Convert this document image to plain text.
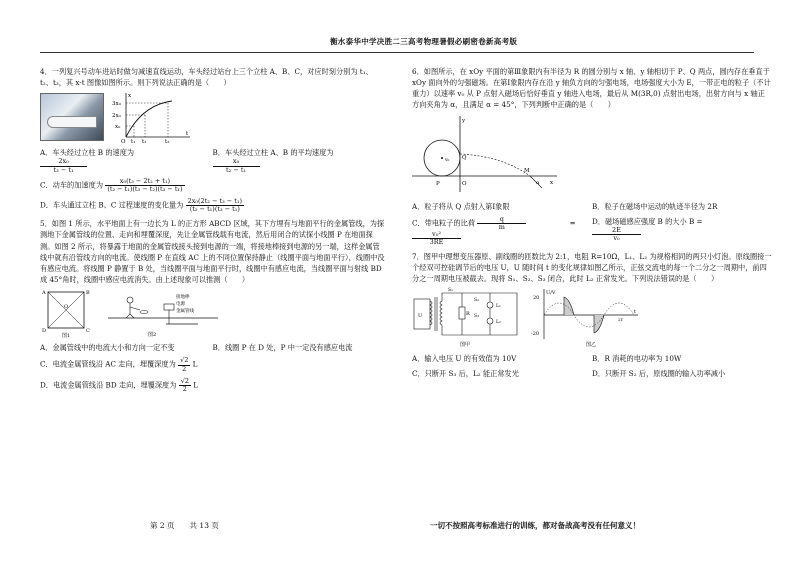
衡水泰华中学决胜二三高考物理暑假必刷密卷新高考版

4．一列复兴号动车进站时做匀减速直线运动，车头经过站台上三个立柱 A、B、C，对应时刻分别为 t₁、t₂、t₃，其 x-t 图像如图所示。则下列说法正确的是（　　）

3x₀
2x₀
x₀
O t₁ t₂	t₃
x
t
A．车头经过立柱 B 的速度为
$\frac{\text{2x₀}}{\text{t₃ − t₁}}$
B．车头经过立柱 A、B 的平均速度为
$\frac{\text{x₀}}{\text{t₂ − t₁}}$
C．动车的加速度为 $\frac{\text{x₀(t₃ − 2t₂ + t₁)}}{\text{(t₂ − t₁)(t₃ − t₂)(t₃ − t₁)}}$
D．车头通过立柱 B、C 过程速度的变化量为 $\frac{\text{2x₀(2t₂ − t₃ − t₁)}}{\text{(t₂ − t₁)(t₃ − t₁)}}$

5．如图 1 所示，水平地面上有一边长为 L 的正方形 ABCD 区域，其下方埋有与地面平行的金属管线，为探测地下金属管线的位置、走向和埋覆深度，先让金属管线载有电流，然后用闭合的试探小线圈 P 在地面探测。如图 2 所示，将暴露于地面的金属管线接头接到电源的一端，将接地棒接到电源的另一端，这样金属管线中就有沿管线方向的电流。使线圈 P 在直线 AC 上的不同位置保持静止（线圈平面与地面平行），线圈中没有感应电流。将线圈 P 静置于 B 处，当线圈平面与地面平行时，线圈中有感应电流，当线圈平面与射线 BD 成 45°角时，线圈中感应电流消失。由上述现象可以推测（　　）

A	B
C
D
O
图1
接地棒
电源
金属管线
图2
A．金属管线中的电流大小和方向一定不变	B．线圈 P 在 D 处，P 中一定没有感应电流
C．电流金属管线沿 AC 走向，埋覆深度为 $\frac{√2}{2}$ L
D．电流金属管线沿 BD 走向，埋覆深度为 $\frac{√2}{2}$ L

6．如图所示，在 xOy 平面的第Ⅲ象限内有半径为 R 的圆分别与 x 轴、y 轴相切于 P、Q 两点，圆内存在垂直于 xOy 面向外的匀强磁场。在第Ⅰ象限内存在沿 y 轴负方向的匀强电场，电场强度大小为 E，一带正电的粒子（不计重力）以速率 v₀ 从 P 点射入磁场后恰好垂直 y 轴进入电场，最后从 M(3R,0) 点射出电场，出射方向与 x 轴正方向夹角为 α，且满足 α = 45°，下列判断中正确的是（　　）

y
x
Q
P	O
v₀
M
α
A．粒子将从 Q 点射入第Ⅰ象限	B．粒子在磁场中运动的轨迹半径为 2R
C．带电粒子的比荷 $\frac{q}{m}$ =
$\frac{\text{v₀²}}{3RE}$
D．磁场磁感应强度 B 的大小 B =
$\frac{2E}{\text{v₀}}$

7．图甲中理想变压器原、副线圈的匝数比为 2:1，电阻 R=10Ω，L₁、L₂ 为规格相同的两只小灯泡。原线圈接一个经双可控硅调节后的电压 U，U 随时间 t 的变化规律如图乙所示，正弦交流电的每一个二分之一周期中，前四分之一周期电压被截去。现将 S₁、S₂、S₃ 闭合，此时 L₂ 正常发光。下列说法错误的是（　　）

S₁
S₂
S₃
U	R
L₁
L₂
图甲
U/V
t
20
-20
2T
图乙
A．输入电压 U 的有效值为 10V	B．R 消耗的电功率为 10W
C．只断开 S₃ 后，L₂ 能正常发光	D．只断开 S₂ 后，原线圈的输入功率减小
第 2 页　　共 13 页	一切不按照高考标准进行的训练，都对备战高考没有任何意义！
